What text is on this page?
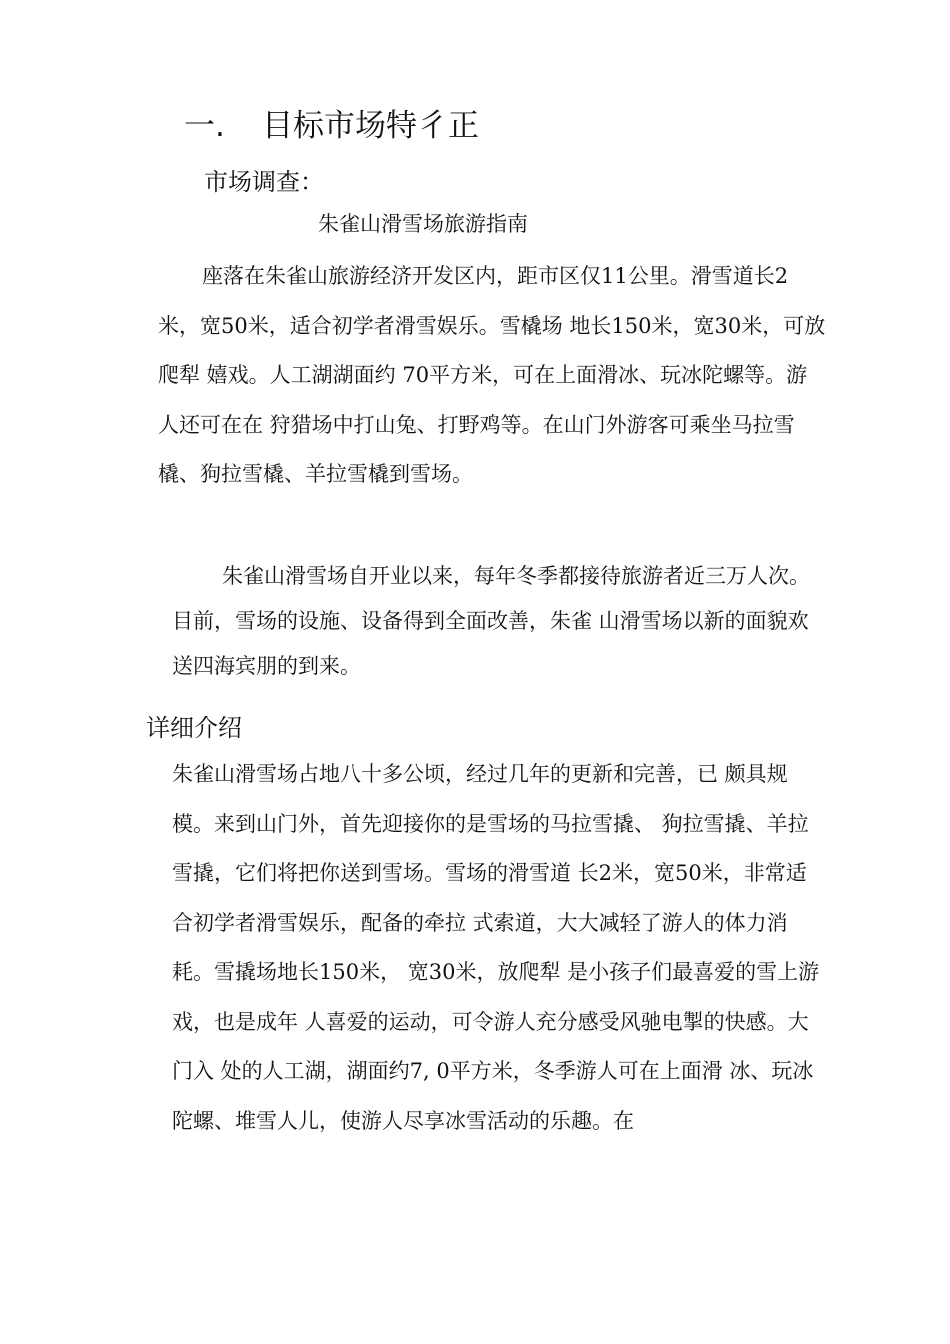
一. 目标市场特彳正
市场调查：
朱雀山滑雪场旅游指南

座落在朱雀山旅游经济开发区内，距市区仅11公里。滑雪道长2米，宽50米，适合初学者滑雪娱乐。雪橇场 地长150米，宽30米，可放爬犁 嬉戏。人工湖湖面约 70平方米，可在上面滑冰、玩冰陀螺等。游人还可在在 狩猎场中打山兔、打野鸡等。在山门外游客可乘坐马拉雪 橇、狗拉雪橇、羊拉雪橇到雪场。

朱雀山滑雪场自开业以来，每年冬季都接待旅游者近三万人次。目前，雪场的设施、设备得到全面改善，朱雀 山滑雪场以新的面貌欢送四海宾朋的到来。

详细介绍

朱雀山滑雪场占地八十多公顷，经过几年的更新和完善，已 颇具规模。来到山门外，首先迎接你的是雪场的马拉雪撬、 狗拉雪撬、羊拉雪撬，它们将把你送到雪场。雪场的滑雪道 长2米，宽50米，非常适合初学者滑雪娱乐，配备的牵拉 式索道，大大减轻了游人的体力消耗。雪撬场地长150米， 宽30米，放爬犁 是小孩子们最喜爱的雪上游戏，也是成年 人喜爱的运动，可令游人充分感受风驰电掣的快感。大门入 处的人工湖，湖面约7, 0平方米，冬季游人可在上面滑 冰、玩冰陀螺、堆雪人儿，使游人尽享冰雪活动的乐趣。在
